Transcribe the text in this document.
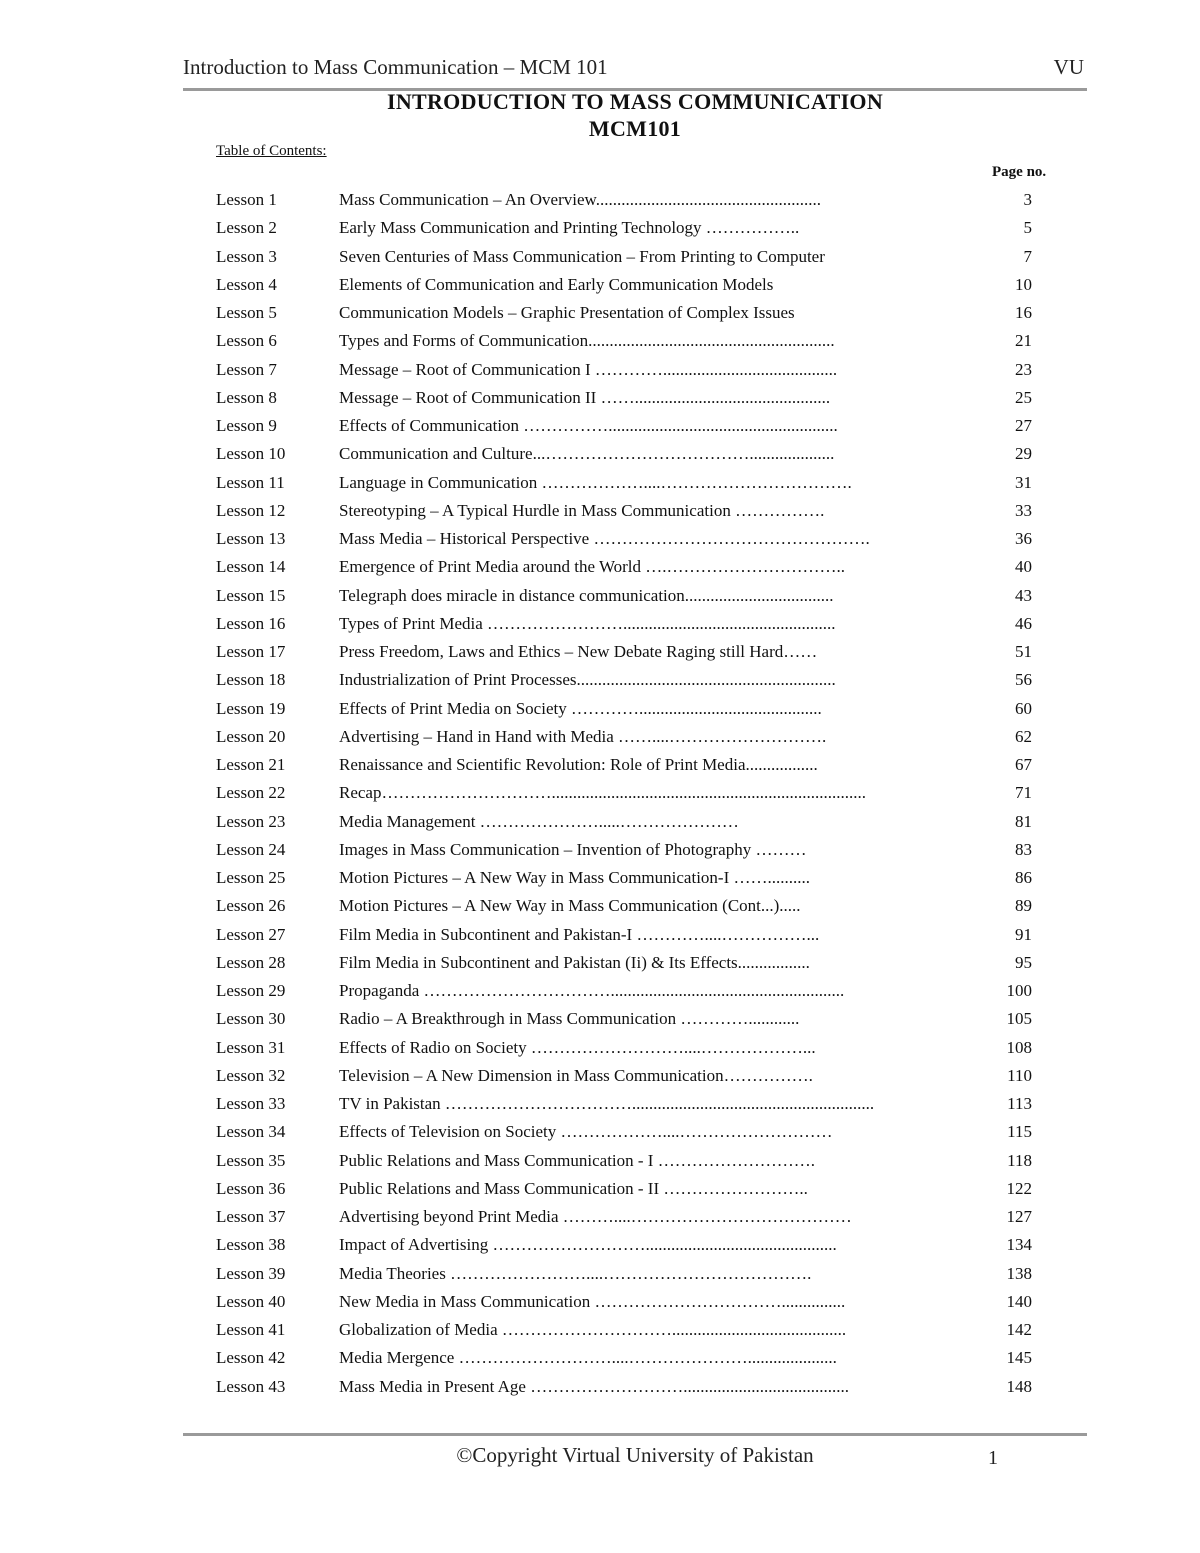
Introduction to Mass Communication – MCM 101	VU
INTRODUCTION TO MASS COMMUNICATION
MCM101
Table of Contents:
Page no.
Lesson 1	Mass Communication – An Overview.....................................................	3
Lesson 2	Early Mass Communication and Printing Technology ……………..	5
Lesson 3	Seven Centuries of Mass Communication – From Printing to Computer	7
Lesson 4	Elements of Communication and Early Communication Models	10
Lesson 5	Communication Models – Graphic Presentation of Complex Issues	16
Lesson 6	Types and Forms of Communication..........................................................	21
Lesson 7	Message – Root of Communication I ………….........................................	23
Lesson 8	Message – Root of Communication II ……..............................................	25
Lesson 9	Effects of Communication ……………......................................................	27
Lesson 10	Communication and Culture...………………………………....................	29
Lesson 11	Language in Communication ………………....…………………………….	31
Lesson 12	Stereotyping – A Typical Hurdle in Mass Communication …………….	33
Lesson 13	Mass Media – Historical Perspective ………………………………………….	36
Lesson 14	Emergence of Print Media around the World ….…………………………..	40
Lesson 15	Telegraph does miracle in distance communication...................................	43
Lesson 16	Types of Print Media ……………………..................................................	46
Lesson 17	Press Freedom, Laws and Ethics – New Debate Raging still Hard……	51
Lesson 18	Industrialization of Print Processes.............................................................	56
Lesson 19	Effects of Print Media on Society …………...........................................	60
Lesson 20	Advertising – Hand in Hand with Media ……....……………………….	62
Lesson 21	Renaissance and Scientific Revolution: Role of Print Media.................	67
Lesson 22	Recap…………………………..........................................................................	71
Lesson 23	Media Management ………………….....…………………	81
Lesson 24	Images in Mass Communication – Invention of Photography ………	83
Lesson 25	Motion Pictures – A New Way in Mass Communication-I ……..........	86
Lesson 26	Motion Pictures – A New Way in Mass Communication (Cont...).....	89
Lesson 27	Film Media in Subcontinent and Pakistan-I …………....……………...	91
Lesson 28	Film Media in Subcontinent and Pakistan (Ii) & Its Effects.................	95
Lesson 29	Propaganda …………………………….......................................................	100
Lesson 30	Radio – A Breakthrough in Mass Communication …………............	105
Lesson 31	Effects of Radio on Society ………………………....………………...	108
Lesson 32	Television – A New Dimension in Mass Communication…………….	110
Lesson 33	TV in Pakistan …………………………….........................................................	113
Lesson 34	Effects of Television on Society ………………....………………………	115
Lesson 35	Public Relations and Mass Communication - I ……………………….	118
Lesson 36	Public Relations and Mass Communication - II ……………………..	122
Lesson 37	Advertising beyond Print Media ………....…………………………………	127
Lesson 38	Impact of Advertising ……………………….............................................	134
Lesson 39	Media Theories ……………………....……………………………….	138
Lesson 40	New Media in Mass Communication ……………………………...............	140
Lesson 41	Globalization of Media ………………………….........................................	142
Lesson 42	Media Mergence ………………………....………………….....................	145
Lesson 43	Mass Media in Present Age ……………………….......................................	148
©Copyright Virtual University of Pakistan	1
